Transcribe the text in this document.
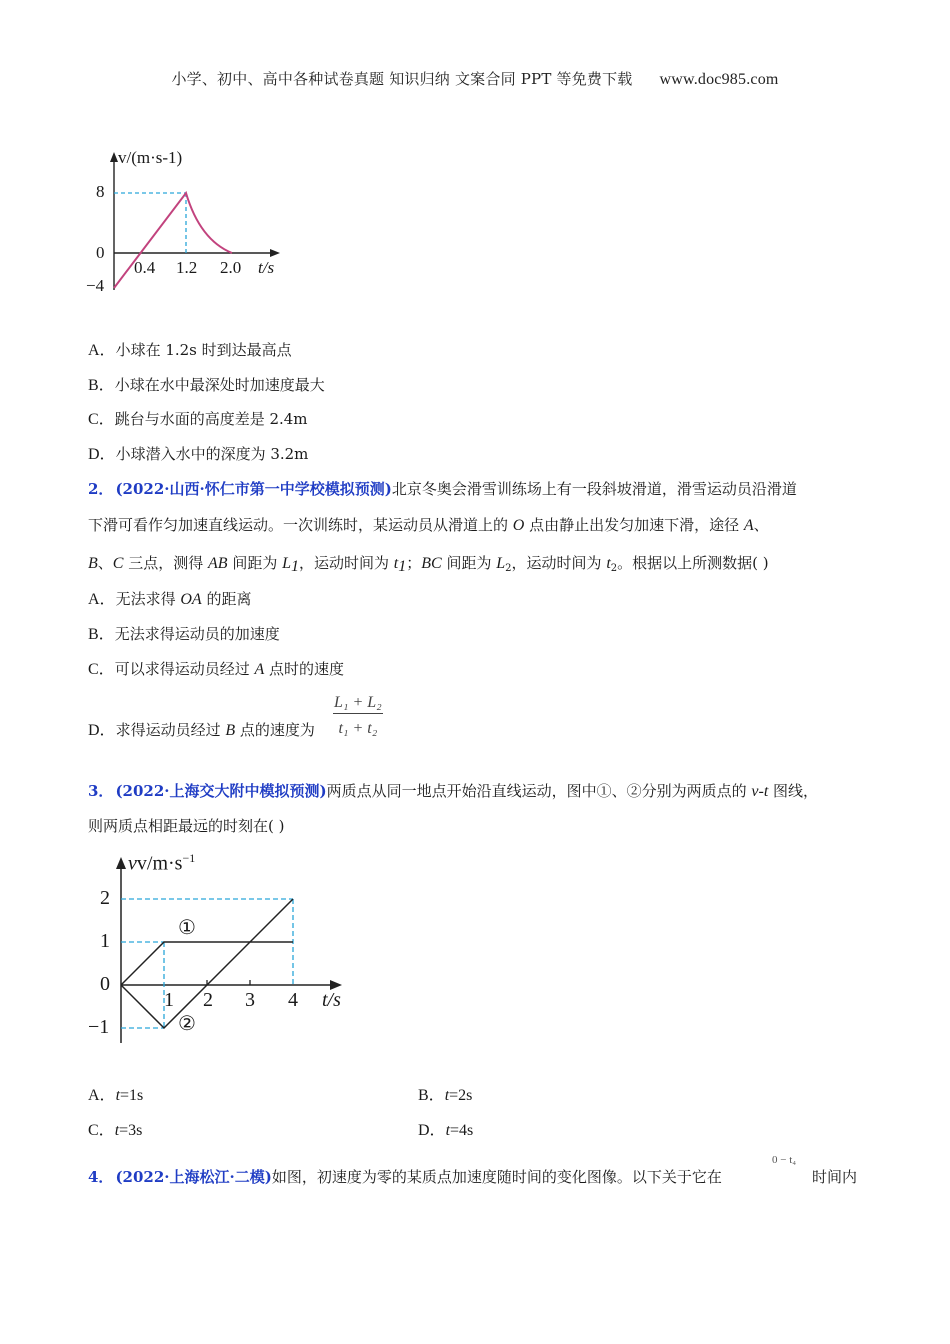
小学、初中、高中各种试卷真题 知识归纳 文案合同 PPT 等免费下载 www.doc985.com
v/(m·s-1)
8
0
−4
0.4 1.2 2.0 t/s
A．小球在 1.2s 时到达最高点
B．小球在水中最深处时加速度最大
C．跳台与水面的高度差是 2.4m
D．小球潜入水中的深度为 3.2m
2． (2022·山西·怀仁市第一中学校模拟预测)北京冬奥会滑雪训练场上有一段斜坡滑道，滑雪运动员沿滑道
下滑可看作匀加速直线运动。一次训练时，某运动员从滑道上的 O 点由静止出发匀加速下滑，途径 A、
B、C 三点，测得 AB 间距为 $L_1$，运动时间为 $t_1$；BC 间距为 $L_2$，运动时间为 $t_2$。根据以上所测数据( )
A．无法求得 OA 的距离
B．无法求得运动员的加速度
C．可以求得运动员经过 A 点时的速度
D．求得运动员经过 B 点的速度为 $\frac{\text{L₁ + L₂}}{\text{t₁ + t₂}}$
3． (2022·上海交大附中模拟预测)两质点从同一地点开始沿直线运动，图中①、②分别为两质点的 v-t 图线，
则两质点相距最远的时刻在( )
$vv/m\cdot s^{-1}$
2
1
0
−1
1 2 3 4 t/s
①
②
A．t=1s	B．t=2s
C．t=3s	D．t=4s
4． (2022·上海松江·二模)如图，初速度为零的某质点加速度随时间的变化图像。以下关于它在
0 − t₄
时间内
